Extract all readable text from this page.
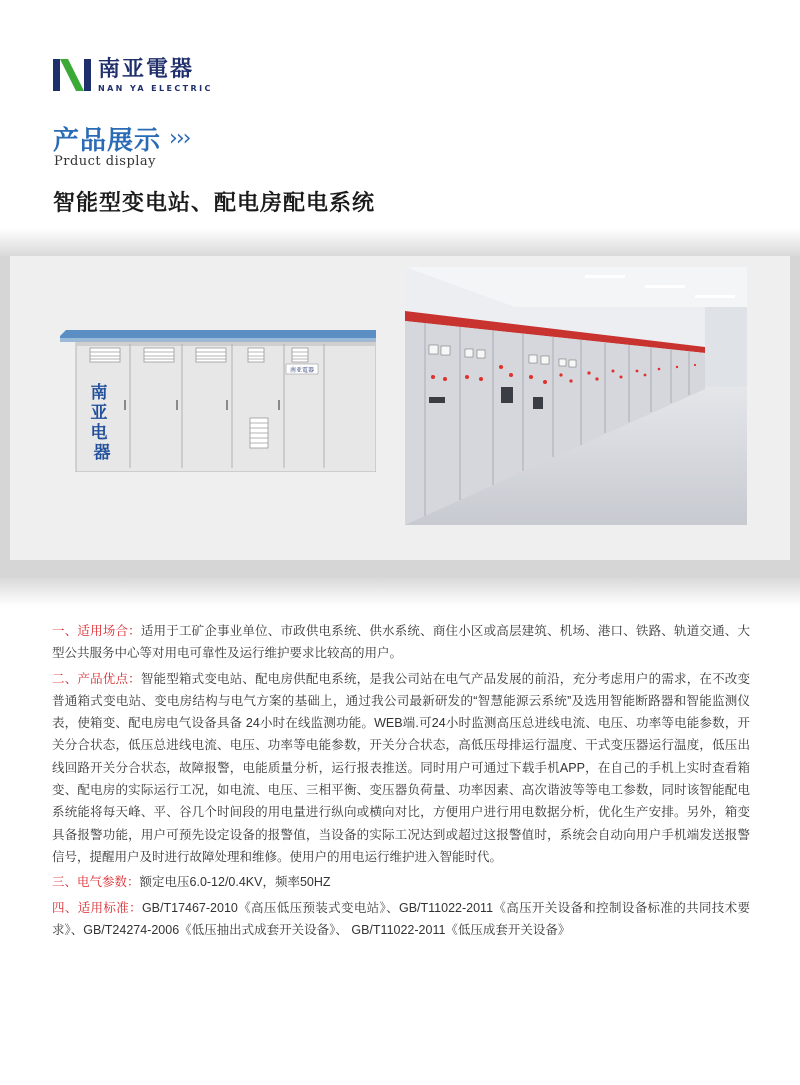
南亚電器
NAN YA ELECTRIC
产品展示 ›››
Prduct display
智能型变电站、配电房配电系统
南亚電器
南 亚 电 器

一、适用场合：适用于工矿企事业单位、市政供电系统、供水系统、商住小区或高层建筑、机场、港口、铁路、轨道交通、大型公共服务中心等对用电可靠性及运行维护要求比较高的用户。

二、产品优点：智能型箱式变电站、配电房供配电系统，是我公司站在电气产品发展的前沿，充分考虑用户的需求，在不改变普通箱式变电站、变电房结构与电气方案的基础上，通过我公司最新研发的“智慧能源云系统”及选用智能断路器和智能监测仪表，使箱变、配电房电气设备具备 24小时在线监测功能。WEB端.可24小时监测高压总进线电流、电压、功率等电能参数，开关分合状态，低压总进线电流、电压、功率等电能参数，开关分合状态，高低压母排运行温度、干式变压器运行温度，低压出线回路开关分合状态，故障报警，电能质量分析，运行报表推送。同时用户可通过下载手机APP，在自己的手机上实时查看箱变、配电房的实际运行工况，如电流、电压、三相平衡、变压器负荷量、功率因素、高次谐波等等电工参数，同时该智能配电系统能将每天峰、平、谷几个时间段的用电量进行纵向或横向对比，方便用户进行用电数据分析，优化生产安排。另外，箱变具备报警功能，用户可预先设定设备的报警值，当设备的实际工况达到或超过这报警值时，系统会自动向用户手机端发送报警信号，提醒用户及时进行故障处理和维修。使用户的用电运行维护进入智能时代。

三、电气参数：额定电压6.0-12/0.4KV，频率50HZ

四、适用标准：GB/T17467-2010《高压低压预装式变电站》、GB/T11022-2011《高压开关设备和控制设备标准的共同技术要求》、GB/T24274-2006《低压抽出式成套开关设备》、 GB/T11022-2011《低压成套开关设备》
